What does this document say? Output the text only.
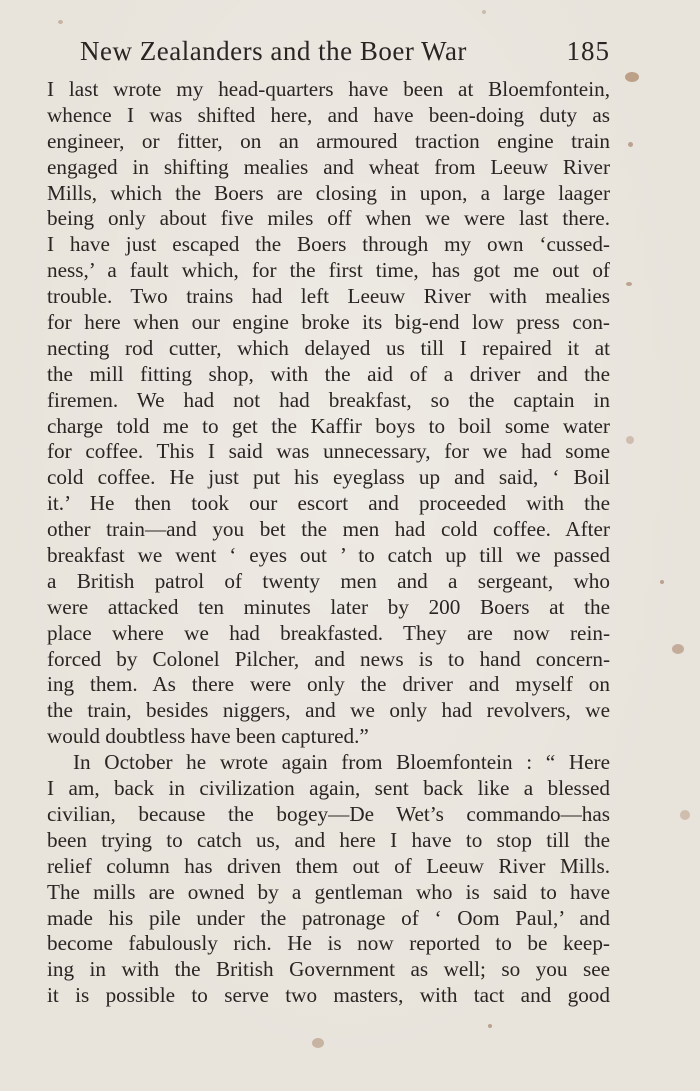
New Zealanders and the Boer War	185
I last wrote my head-quarters have been at Bloemfontein,
whence I was shifted here, and have been-doing duty as
engineer, or fitter, on an armoured traction engine train
engaged in shifting mealies and wheat from Leeuw River
Mills, which the Boers are closing in upon, a large laager
being only about five miles off when we were last there.
I have just escaped the Boers through my own ‘cussed-
ness,’ a fault which, for the first time, has got me out of
trouble. Two trains had left Leeuw River with mealies
for here when our engine broke its big-end low press con-
necting rod cutter, which delayed us till I repaired it at
the mill fitting shop, with the aid of a driver and the
firemen. We had not had breakfast, so the captain in
charge told me to get the Kaffir boys to boil some water
for coffee. This I said was unnecessary, for we had some
cold coffee. He just put his eyeglass up and said, ‘ Boil
it.’ He then took our escort and proceeded with the
other train—and you bet the men had cold coffee. After
breakfast we went ‘ eyes out ’ to catch up till we passed
a British patrol of twenty men and a sergeant, who
were attacked ten minutes later by 200 Boers at the
place where we had breakfasted. They are now rein-
forced by Colonel Pilcher, and news is to hand concern-
ing them. As there were only the driver and myself on
the train, besides niggers, and we only had revolvers, we
would doubtless have been captured.”
In October he wrote again from Bloemfontein : “ Here
I am, back in civilization again, sent back like a blessed
civilian, because the bogey—De Wet’s commando—has
been trying to catch us, and here I have to stop till the
relief column has driven them out of Leeuw River Mills.
The mills are owned by a gentleman who is said to have
made his pile under the patronage of ‘ Oom Paul,’ and
become fabulously rich. He is now reported to be keep-
ing in with the British Government as well; so you see
it is possible to serve two masters, with tact and good
